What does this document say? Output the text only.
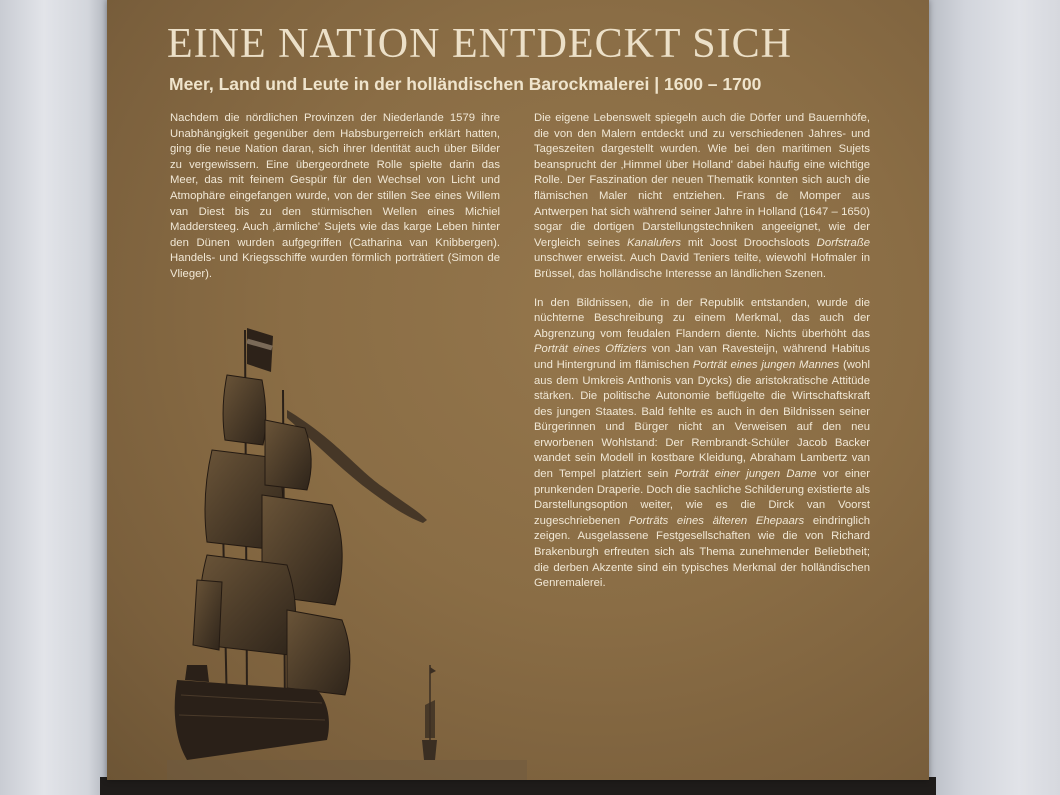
EINE NATION ENTDECKT SICH
Meer, Land und Leute in der holländischen Barockmalerei | 1600 – 1700

Nachdem die nördlichen Provinzen der Niederlande 1579 ihre Unabhängigkeit gegenüber dem Habsburgerreich erklärt hatten, ging die neue Nation daran, sich ihrer Identität auch über Bilder zu vergewissern. Eine übergeordnete Rolle spielte darin das Meer, das mit feinem Gespür für den Wechsel von Licht und Atmophäre eingefangen wurde, von der stillen See eines Willem van Diest bis zu den stürmischen Wellen eines Michiel Maddersteeg. Auch ‚ärmliche' Sujets wie das karge Leben hinter den Dünen wurden aufgegriffen (Catharina van Knibbergen). Handels- und Kriegsschiffe wurden förmlich porträtiert (Simon de Vlieger).

Die eigene Lebenswelt spiegeln auch die Dörfer und Bauernhöfe, die von den Malern entdeckt und zu verschiedenen Jahres- und Tageszeiten dargestellt wurden. Wie bei den maritimen Sujets beansprucht der ‚Himmel über Holland' dabei häufig eine wichtige Rolle. Der Faszination der neuen Thematik konnten sich auch die flämischen Maler nicht entziehen. Frans de Momper aus Antwerpen hat sich während seiner Jahre in Holland (1647 – 1650) sogar die dortigen Darstellungstechniken angeeignet, wie der Vergleich seines Kanalufers mit Joost Droochsloots Dorfstraße unschwer erweist. Auch David Teniers teilte, wiewohl Hofmaler in Brüssel, das holländische Interesse an ländlichen Szenen.

In den Bildnissen, die in der Republik entstanden, wurde die nüchterne Beschreibung zu einem Merkmal, das auch der Abgrenzung vom feudalen Flandern diente. Nichts überhöht das Porträt eines Offiziers von Jan van Ravesteijn, während Habitus und Hintergrund im flämischen Porträt eines jungen Mannes (wohl aus dem Umkreis Anthonis van Dycks) die aristokratische Attitüde stärken. Die politische Autonomie beflügelte die Wirtschaftskraft des jungen Staates. Bald fehlte es auch in den Bildnissen seiner Bürgerinnen und Bürger nicht an Verweisen auf den neu erworbenen Wohlstand: Der Rembrandt-Schüler Jacob Backer wandet sein Modell in kostbare Kleidung, Abraham Lambertz van den Tempel platziert sein Porträt einer jungen Dame vor einer prunkenden Draperie. Doch die sachliche Schilderung existierte als Darstellungsoption weiter, wie es die Dirck van Voorst zugeschriebenen Porträts eines älteren Ehepaars eindringlich zeigen. Ausgelassene Festgesellschaften wie die von Richard Brakenburgh erfreuten sich als Thema zunehmender Beliebtheit; die derben Akzente sind ein typisches Merkmal der holländischen Genremalerei.
